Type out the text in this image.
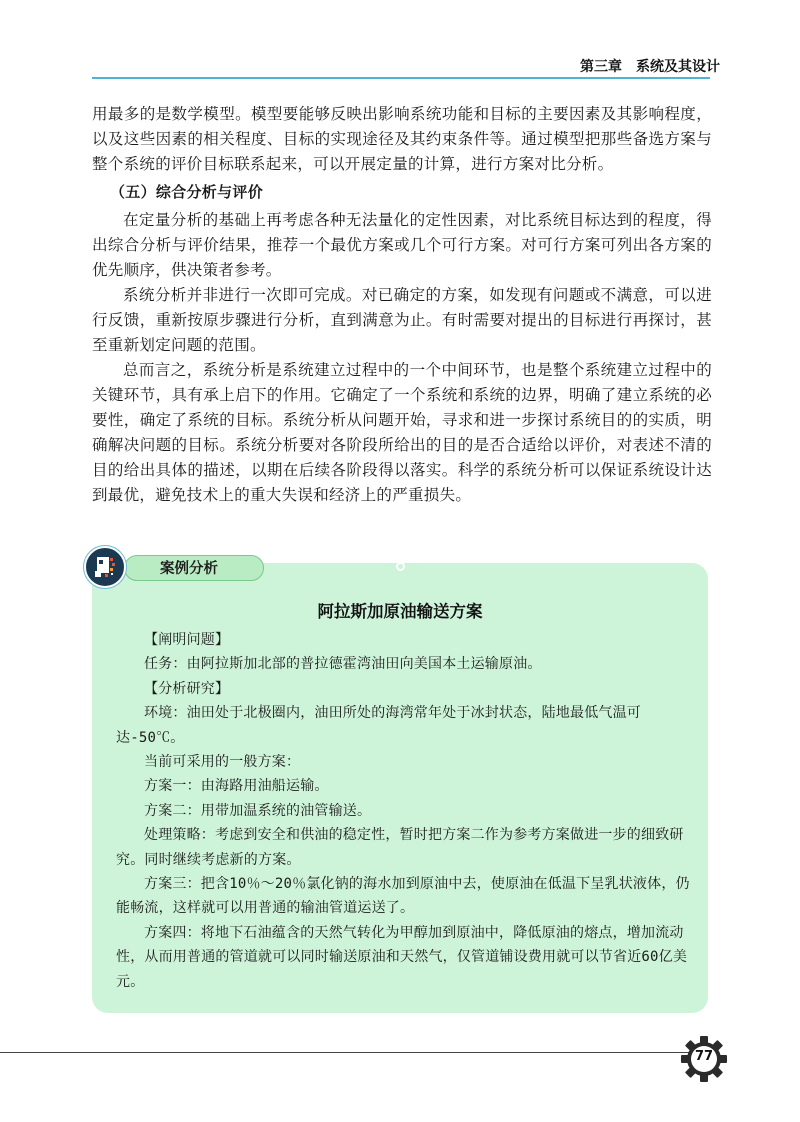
第三章　系统及其设计

用最多的是数学模型。模型要能够反映出影响系统功能和目标的主要因素及其影响程度，以及这些因素的相关程度、目标的实现途径及其约束条件等。通过模型把那些备选方案与整个系统的评价目标联系起来，可以开展定量的计算，进行方案对比分析。

（五）综合分析与评价

在定量分析的基础上再考虑各种无法量化的定性因素，对比系统目标达到的程度，得出综合分析与评价结果，推荐一个最优方案或几个可行方案。对可行方案可列出各方案的优先顺序，供决策者参考。

系统分析并非进行一次即可完成。对已确定的方案，如发现有问题或不满意，可以进行反馈，重新按原步骤进行分析，直到满意为止。有时需要对提出的目标进行再探讨，甚至重新划定问题的范围。

总而言之，系统分析是系统建立过程中的一个中间环节，也是整个系统建立过程中的关键环节，具有承上启下的作用。它确定了一个系统和系统的边界，明确了建立系统的必要性，确定了系统的目标。系统分析从问题开始，寻求和进一步探讨系统目的的实质，明确解决问题的目标。系统分析要对各阶段所给出的目的是否合适给以评价，对表述不清的目的给出具体的描述，以期在后续各阶段得以落实。科学的系统分析可以保证系统设计达到最优，避免技术上的重大失误和经济上的严重损失。

案例分析
阿拉斯加原油输送方案

【阐明问题】

任务：由阿拉斯加北部的普拉德霍湾油田向美国本土运输原油。

【分析研究】

环境：油田处于北极圈内，油田所处的海湾常年处于冰封状态，陆地最低气温可达-50℃。

当前可采用的一般方案：

方案一：由海路用油船运输。

方案二：用带加温系统的油管输送。

处理策略：考虑到安全和供油的稳定性，暂时把方案二作为参考方案做进一步的细致研究。同时继续考虑新的方案。

方案三：把含10％～20％氯化钠的海水加到原油中去，使原油在低温下呈乳状液体，仍能畅流，这样就可以用普通的输油管道运送了。

方案四：将地下石油蕴含的天然气转化为甲醇加到原油中，降低原油的熔点，增加流动性，从而用普通的管道就可以同时输送原油和天然气，仅管道铺设费用就可以节省近60亿美元。

77
